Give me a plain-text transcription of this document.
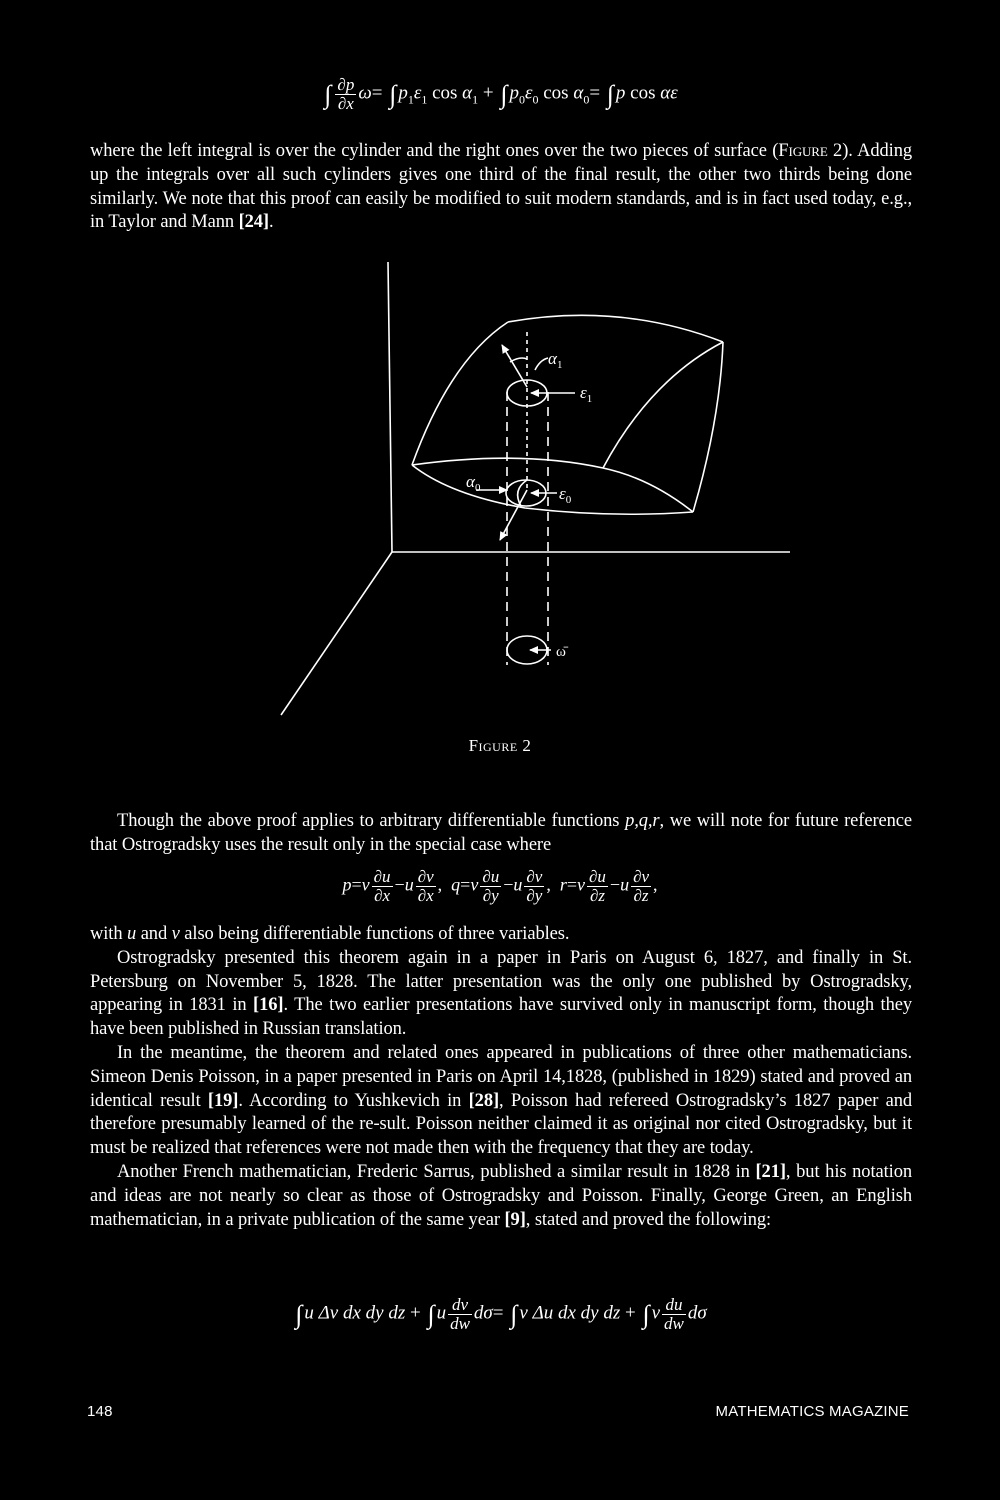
∫ $\frac{\partial p}{\partial x} \omega=$ ∫ $p_1\varepsilon_1$ $\cos \alpha_1$ + ∫ $p_0\varepsilon_0$ $\cos \alpha_0=$ ∫ p cos αε

where the left integral is over the cylinder and the right ones over the two pieces of surface (Figure 2). Adding up the integrals over all such cylinders gives one third of the final result, the other two thirds being done similarly. We note that this proof can easily be modified to suit modern standards, and is in fact used today, e.g., in Taylor and Mann [24].

$\alpha_1$
$\varepsilon_1$
$\alpha_0$	$\varepsilon_0$
ω̄
Figure 2

Though the above proof applies to arbitrary differentiable functions p,q,r, we will note for future reference that Ostrogradsky uses the result only in the special case where

$p=v \frac{\partial u}{\partial x} -u \frac{\partial v}{\partial x}$ , $q=v \frac{\partial u}{\partial y} -u \frac{\partial v}{\partial y}$ , $r=v \frac{\partial u}{\partial z} -u \frac{\partial v}{\partial z}$ ,

with u and v also being differentiable functions of three variables.

Ostrogradsky presented this theorem again in a paper in Paris on August 6, 1827, and finally in St. Petersburg on November 5, 1828. The latter presentation was the only one published by Ostrogradsky, appearing in 1831 in [16]. The two earlier presentations have survived only in manuscript form, though they have been published in Russian translation.

In the meantime, the theorem and related ones appeared in publications of three other mathematicians. Simeon Denis Poisson, in a paper presented in Paris on April 14,1828, (published in 1829) stated and proved an identical result [19]. According to Yushkevich in [28], Poisson had refereed Ostrogradsky’s 1827 paper and therefore presumably learned of the re-sult. Poisson neither claimed it as original nor cited Ostrogradsky, but it must be realized that references were not made then with the frequency that they are today.

Another French mathematician, Frederic Sarrus, published a similar result in 1828 in [21], but his notation and ideas are not nearly so clear as those of Ostrogradsky and Poisson. Finally, George Green, an English mathematician, in a private publication of the same year [9], stated and proved the following:

∫ u Δv dx dy dz + ∫ u $\frac{dv}{dw} d\sigma=$ ∫ v Δu dx dy dz + ∫ v $\frac{du}{dw}$ dσ
148	MATHEMATICS MAGAZINE
